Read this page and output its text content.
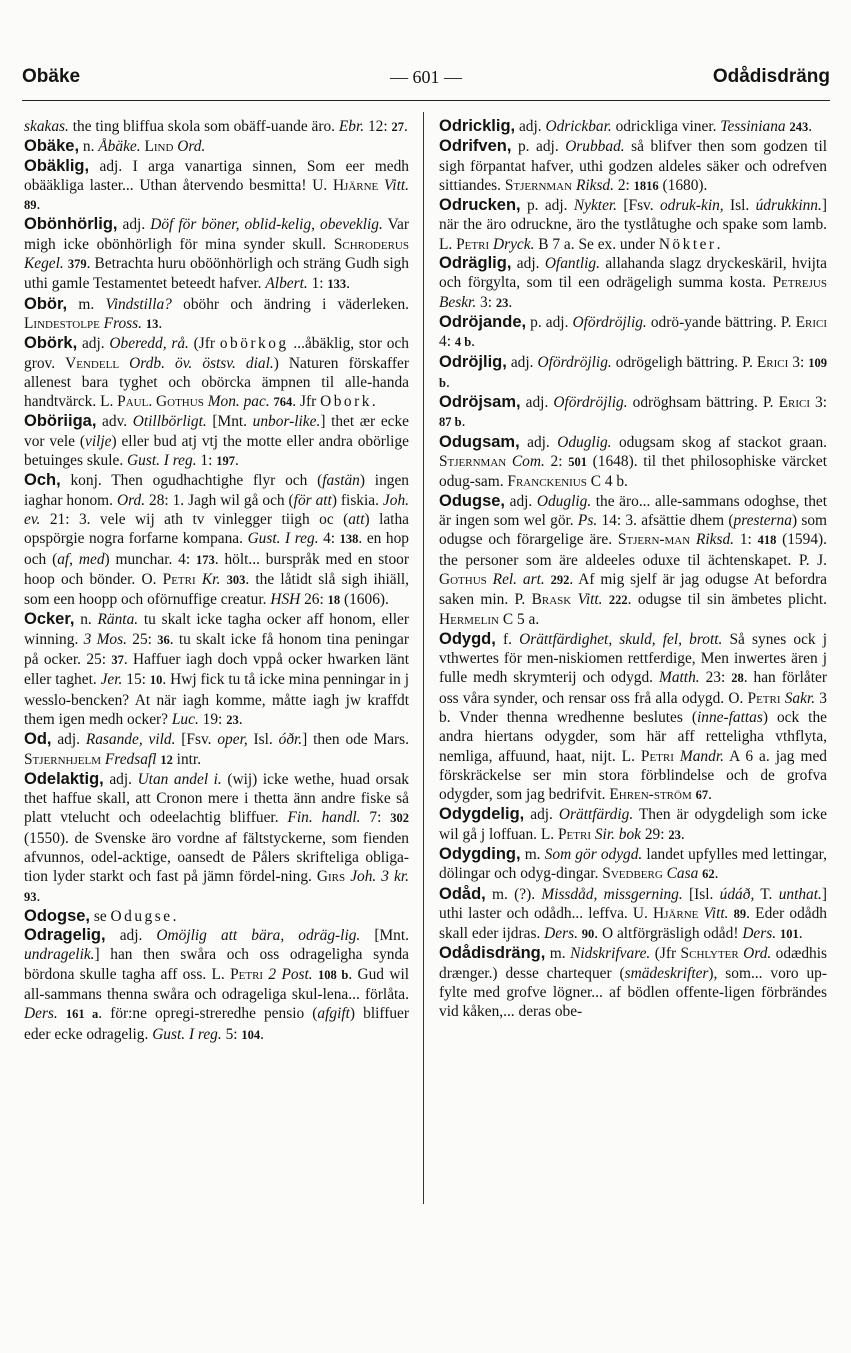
Obäke	— 601 —	Odådisdräng

skakas. the ting bliffua skola som obäff-uande äro. Ebr. 12: 27.

Obäke, n. Åbäke. Lind Ord.

Obäklig, adj. I arga vanartiga sinnen, Som eer medh obääkliga laster... Uthan återvendo besmitta! U. Hjärne Vitt. 89.

Obönhörlig, adj. Döf för böner, oblid-kelig, obeveklig. Var migh icke obönhörligh för mina synder skull. Schroderus Kegel. 379. Betrachta huru oböönhörligh och sträng Gudh sigh uthi gamle Testamentet beteedt hafver. Albert. 1: 133.

Obör, m. Vindstilla? oböhr och ändring i väderleken. Lindestolpe Fross. 13.

Obörk, adj. Oberedd, rå. (Jfr obörkog ...åbäklig, stor och grov. Vendell Ordb. öv. östsv. dial.) Naturen förskaffer allenest bara tyghet och obörcka ämpnen til alle-handa handtvärck. L. Paul. Gothus Mon. pac. 764. Jfr Obork.

Oböriiga, adv. Otillbörligt. [Mnt. unbor-like.] thet ær ecke vor vele (vilje) eller bud atj vtj the motte eller andra obörlige betuinges skule. Gust. I reg. 1: 197.

Och, konj. Then ogudhachtighe flyr och (fastän) ingen iaghar honom. Ord. 28: 1. Jagh wil gå och (för att) fiskia. Joh. ev. 21: 3. vele wij ath tv vinlegger tiigh oc (att) latha opspörgie nogra forfarne kompana. Gust. I reg. 4: 138. en hop och (af, med) munchar. 4: 173. hölt... burspråk med en stoor hoop och bönder. O. Petri Kr. 303. the låtidt slå sigh ihiäll, som een hoopp och oförnuffige creatur. HSH 26: 18 (1606).

Ocker, n. Ränta. tu skalt icke tagha ocker aff honom, eller winning. 3 Mos. 25: 36. tu skalt icke få honom tina peningar på ocker. 25: 37. Haffuer iagh doch vppå ocker hwarken länt eller taghet. Jer. 15: 10. Hwj fick tu tå icke mina penningar in j wesslo-bencken? At när iagh komme, måtte iagh jw kraffdt them igen medh ocker? Luc. 19: 23.

Od, adj. Rasande, vild. [Fsv. oper, Isl. óðr.] then ode Mars. Stjernhjelm Fredsafl 12 intr.

Odelaktig, adj. Utan andel i. (wij) icke wethe, huad orsak thet haffue skall, att Cronon mere i thetta änn andre fiske så platt vtelucht och odeelachtig bliffuer. Fin. handl. 7: 302 (1550). de Svenske äro vordne af fältstyckerne, som fienden afvunnos, odel-acktige, oansedt de Pålers skrifteliga obliga-tion lyder starkt och fast på jämn fördel-ning. Girs Joh. 3 kr. 93.

Odogse, se Odugse.

Odragelig, adj. Omöjlig att bära, odräg-lig. [Mnt. undragelik.] han then swåra och oss odrageligha synda bördona skulle tagha aff oss. L. Petri 2 Post. 108 b. Gud wil all-sammans thenna swåra och odrageliga skul-lena... förlåta. Ders. 161 a. för:ne opregi-streredhe pensio (afgift) bliffuer eder ecke odragelig. Gust. I reg. 5: 104.

Odricklig, adj. Odrickbar. odrickliga viner. Tessiniana 243.

Odrifven, p. adj. Orubbad. så blifver then som godzen til sigh förpantat hafver, uthi godzen aldeles säker och odrefven sittiandes. Stjernman Riksd. 2: 1816 (1680).

Odrucken, p. adj. Nykter. [Fsv. odruk-kin, Isl. údrukkinn.] när the äro odruckne, äro the tystlåtughe och spake som lamb. L. Petri Dryck. B 7 a. Se ex. under Nökter.

Odräglig, adj. Ofantlig. allahanda slagz dryckeskäril, hvijta och förgylta, som til een odrägeligh summa kosta. Petrejus Beskr. 3: 23.

Odröjande, p. adj. Ofördröjlig. odrö-yande bättring. P. Erici 4: 4 b.

Odröjlig, adj. Ofördröjlig. odrögeligh bättring. P. Erici 3: 109 b.

Odröjsam, adj. Ofördröjlig. odröghsam bättring. P. Erici 3: 87 b.

Odugsam, adj. Oduglig. odugsam skog af stackot graan. Stjernman Com. 2: 501 (1648). til thet philosophiske värcket odug-sam. Franckenius C 4 b.

Odugse, adj. Oduglig. the äro... alle-sammans odoghse, thet är ingen som wel gör. Ps. 14: 3. afsättie dhem (presterna) som odugse och förargelige äre. Stjern-man Riksd. 1: 418 (1594). the personer som äre aldeeles oduxe til ächtenskapet. P. J. Gothus Rel. art. 292. Af mig sjelf är jag odugse At befordra saken min. P. Brask Vitt. 222. odugse til sin ämbetes plicht. Hermelin C 5 a.

Odygd, f. Orättfärdighet, skuld, fel, brott. Så synes ock j vthwertes för men-niskiomen rettferdige, Men inwertes ären j fulle medh skrymterij och odygd. Matth. 23: 28. han förlåter oss våra synder, och rensar oss frå alla odygd. O. Petri Sakr. 3 b. Vnder thenna wredhenne beslutes (inne-fattas) ock the andra hiertans odygder, som här aff retteligha vthflyta, nemliga, affuund, haat, nijt. L. Petri Mandr. A 6 a. jag med förskräckelse ser min stora förblindelse och de grofva odygder, som jag bedrifvit. Ehren-ström 67.

Odygdelig, adj. Orättfärdig. Then är odygdeligh som icke wil gå j loffuan. L. Petri Sir. bok 29: 23.

Odygding, m. Som gör odygd. landet upfylles med lettingar, dölingar och odyg-dingar. Svedberg Casa 62.

Odåd, m. (?). Missdåd, missgerning. [Isl. údáð, T. unthat.] uthi laster och odådh... leffva. U. Hjärne Vitt. 89. Eder odådh skall eder ijdras. Ders. 90. O altförgräsligh odåd! Ders. 101.

Odådisdräng, m. Nidskrifvare. (Jfr Schlyter Ord. odædhis drænger.) desse chartequer (smädeskrifter), som... voro up-fylte med grofve lögner... af bödlen offente-ligen förbrändes vid kåken,... deras obe-
